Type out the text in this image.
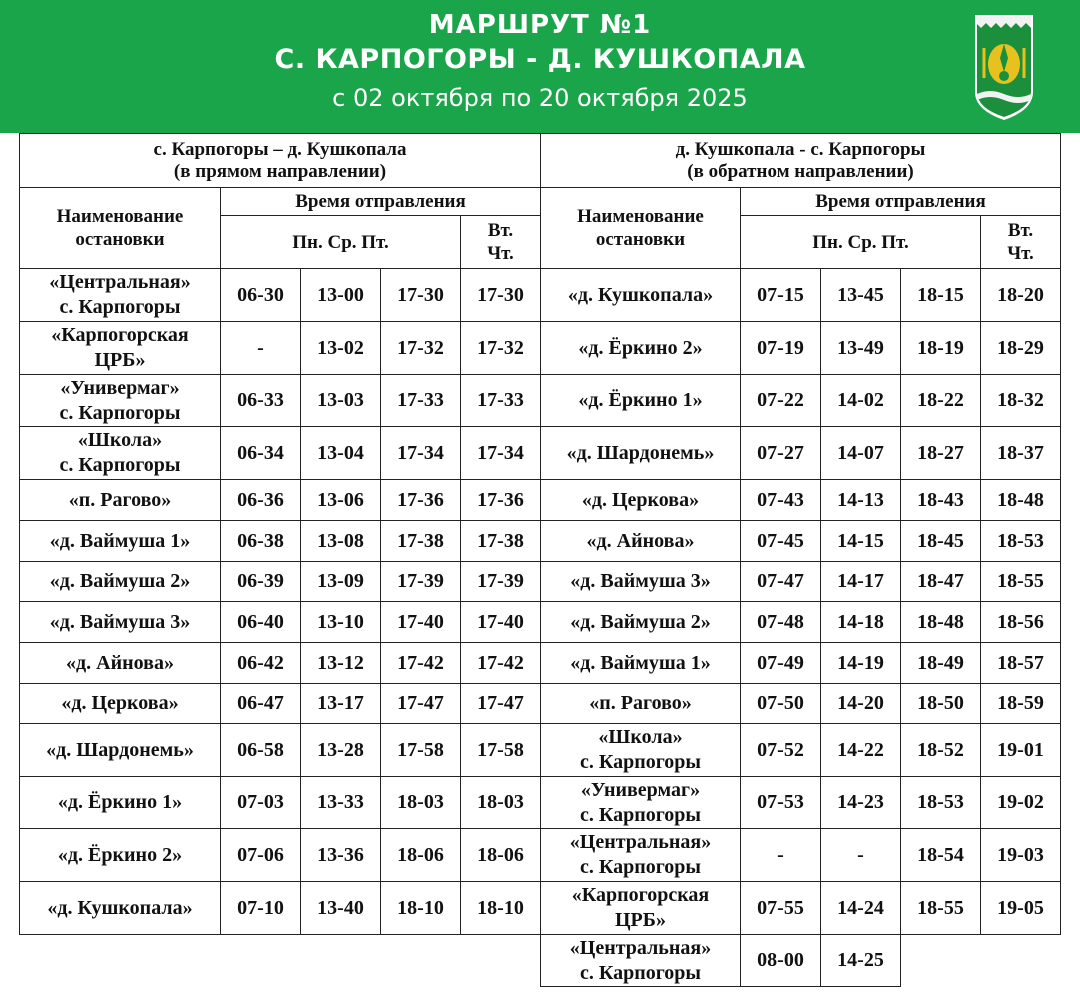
МАРШРУТ №1
С. КАРПОГОРЫ - Д. КУШКОПАЛА
с 02 октября по 20 октября 2025
с. Карпогоры – д. Кушкопала
(в прямом направлении)				
Наименование
остановки	Время отправления			
	Пн. Ср. Пт.			Вт.
Чт.
«Центральная»
с. Карпогоры	06-30	13-00	17-30	17-30
«Карпогорская
ЦРБ»	-	13-02	17-32	17-32
«Универмаг»
с. Карпогоры	06-33	13-03	17-33	17-33
«Школа»
с. Карпогоры	06-34	13-04	17-34	17-34
«п. Рагово»	06-36	13-06	17-36	17-36
«д. Ваймуша 1»	06-38	13-08	17-38	17-38
«д. Ваймуша 2»	06-39	13-09	17-39	17-39
«д. Ваймуша 3»	06-40	13-10	17-40	17-40
«д. Айнова»	06-42	13-12	17-42	17-42
«д. Церкова»	06-47	13-17	17-47	17-47
«д. Шардонемь»	06-58	13-28	17-58	17-58
«д. Ёркино 1»	07-03	13-33	18-03	18-03
«д. Ёркино 2»	07-06	13-36	18-06	18-06
«д. Кушкопала»	07-10	13-40	18-10	18-10
д. Кушкопала - с. Карпогоры
(в обратном направлении)				
Наименование
остановки	Время отправления			
	Пн. Ср. Пт.			Вт.
Чт.
«д. Кушкопала»	07-15	13-45	18-15	18-20
«д. Ёркино 2»	07-19	13-49	18-19	18-29
«д. Ёркино 1»	07-22	14-02	18-22	18-32
«д. Шардонемь»	07-27	14-07	18-27	18-37
«д. Церкова»	07-43	14-13	18-43	18-48
«д. Айнова»	07-45	14-15	18-45	18-53
«д. Ваймуша 3»	07-47	14-17	18-47	18-55
«д. Ваймуша 2»	07-48	14-18	18-48	18-56
«д. Ваймуша 1»	07-49	14-19	18-49	18-57
«п. Рагово»	07-50	14-20	18-50	18-59
«Школа»
с. Карпогоры	07-52	14-22	18-52	19-01
«Универмаг»
с. Карпогоры	07-53	14-23	18-53	19-02
«Центральная»
с. Карпогоры	-	-	18-54	19-03
«Карпогорская
ЦРБ»	07-55	14-24	18-55	19-05
«Центральная»
с. Карпогоры	08-00	14-25		
